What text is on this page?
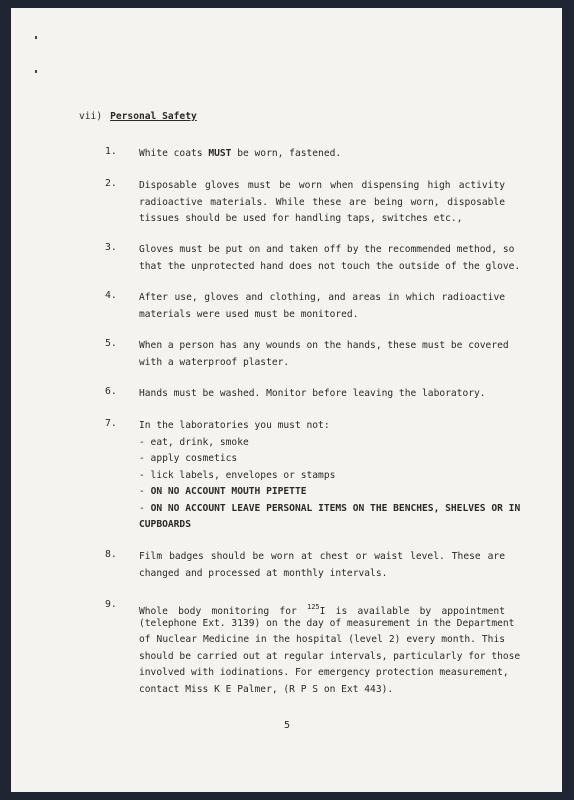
vii) Personal Safety
1. White coats MUST be worn, fastened.
2. Disposable gloves must be worn when dispensing high activity
radioactive materials. While these are being worn, disposable
tissues should be used for handling taps, switches etc.,
3. Gloves must be put on and taken off by the recommended method, so
that the unprotected hand does not touch the outside of the glove.
4. After use, gloves and clothing, and areas in which radioactive
materials were used must be monitored.
5. When a person has any wounds on the hands, these must be covered
with a waterproof plaster.
6. Hands must be washed. Monitor before leaving the laboratory.
7. In the laboratories you must not:
- eat, drink, smoke
- apply cosmetics
- lick labels, envelopes or stamps
- ON NO ACCOUNT MOUTH PIPETTE
- ON NO ACCOUNT LEAVE PERSONAL ITEMS ON THE BENCHES, SHELVES OR IN
CUPBOARDS
8. Film badges should be worn at chest or waist level. These are
changed and processed at monthly intervals.
9.
Whole body monitoring for $^{125}$I is available by appointment
(telephone Ext. 3139) on the day of measurement in the Department
of Nuclear Medicine in the hospital (level 2) every month. This
should be carried out at regular intervals, particularly for those
involved with iodinations. For emergency protection measurement,
contact Miss K E Palmer, (R P S on Ext 443).
5
